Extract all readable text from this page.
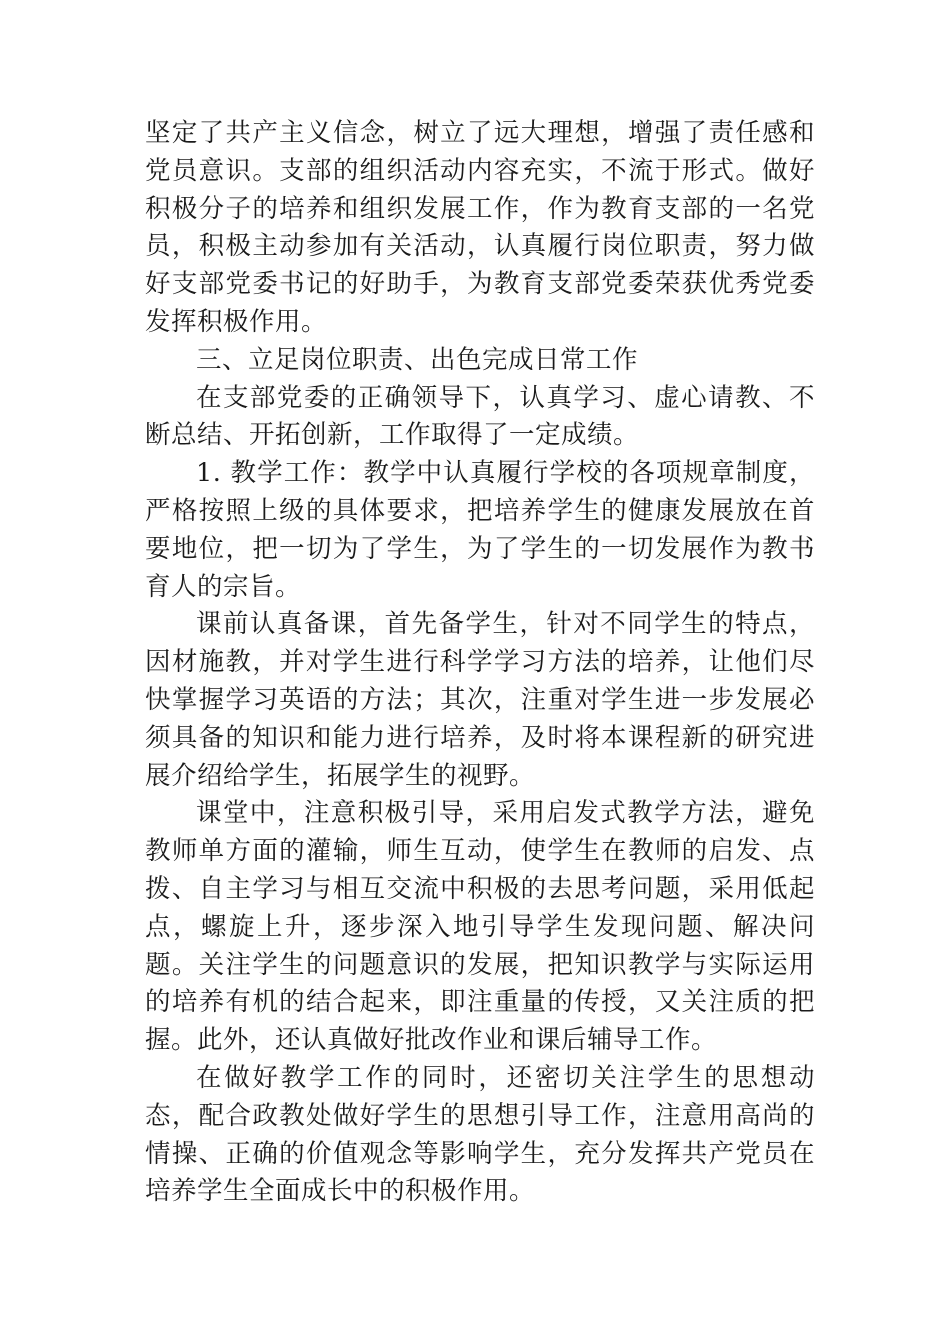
坚定了共产主义信念，树立了远大理想，增强了责任感和党员意识。支部的组织活动内容充实，不流于形式。做好积极分子的培养和组织发展工作，作为教育支部的一名党员，积极主动参加有关活动，认真履行岗位职责，努力做好支部党委书记的好助手，为教育支部党委荣获优秀党委发挥积极作用。

三、立足岗位职责、出色完成日常工作

在支部党委的正确领导下，认真学习、虚心请教、不断总结、开拓创新，工作取得了一定成绩。

1. 教学工作：教学中认真履行学校的各项规章制度，严格按照上级的具体要求，把培养学生的健康发展放在首要地位，把一切为了学生，为了学生的一切发展作为教书育人的宗旨。

课前认真备课，首先备学生，针对不同学生的特点，因材施教，并对学生进行科学学习方法的培养，让他们尽快掌握学习英语的方法；其次，注重对学生进一步发展必须具备的知识和能力进行培养，及时将本课程新的研究进展介绍给学生，拓展学生的视野。

课堂中，注意积极引导，采用启发式教学方法，避免教师单方面的灌输，师生互动，使学生在教师的启发、点拨、自主学习与相互交流中积极的去思考问题，采用低起点，螺旋上升，逐步深入地引导学生发现问题、解决问题。关注学生的问题意识的发展，把知识教学与实际运用的培养有机的结合起来，即注重量的传授，又关注质的把握。此外，还认真做好批改作业和课后辅导工作。

在做好教学工作的同时，还密切关注学生的思想动态，配合政教处做好学生的思想引导工作，注意用高尚的情操、正确的价值观念等影响学生，充分发挥共产党员在培养学生全面成长中的积极作用。
